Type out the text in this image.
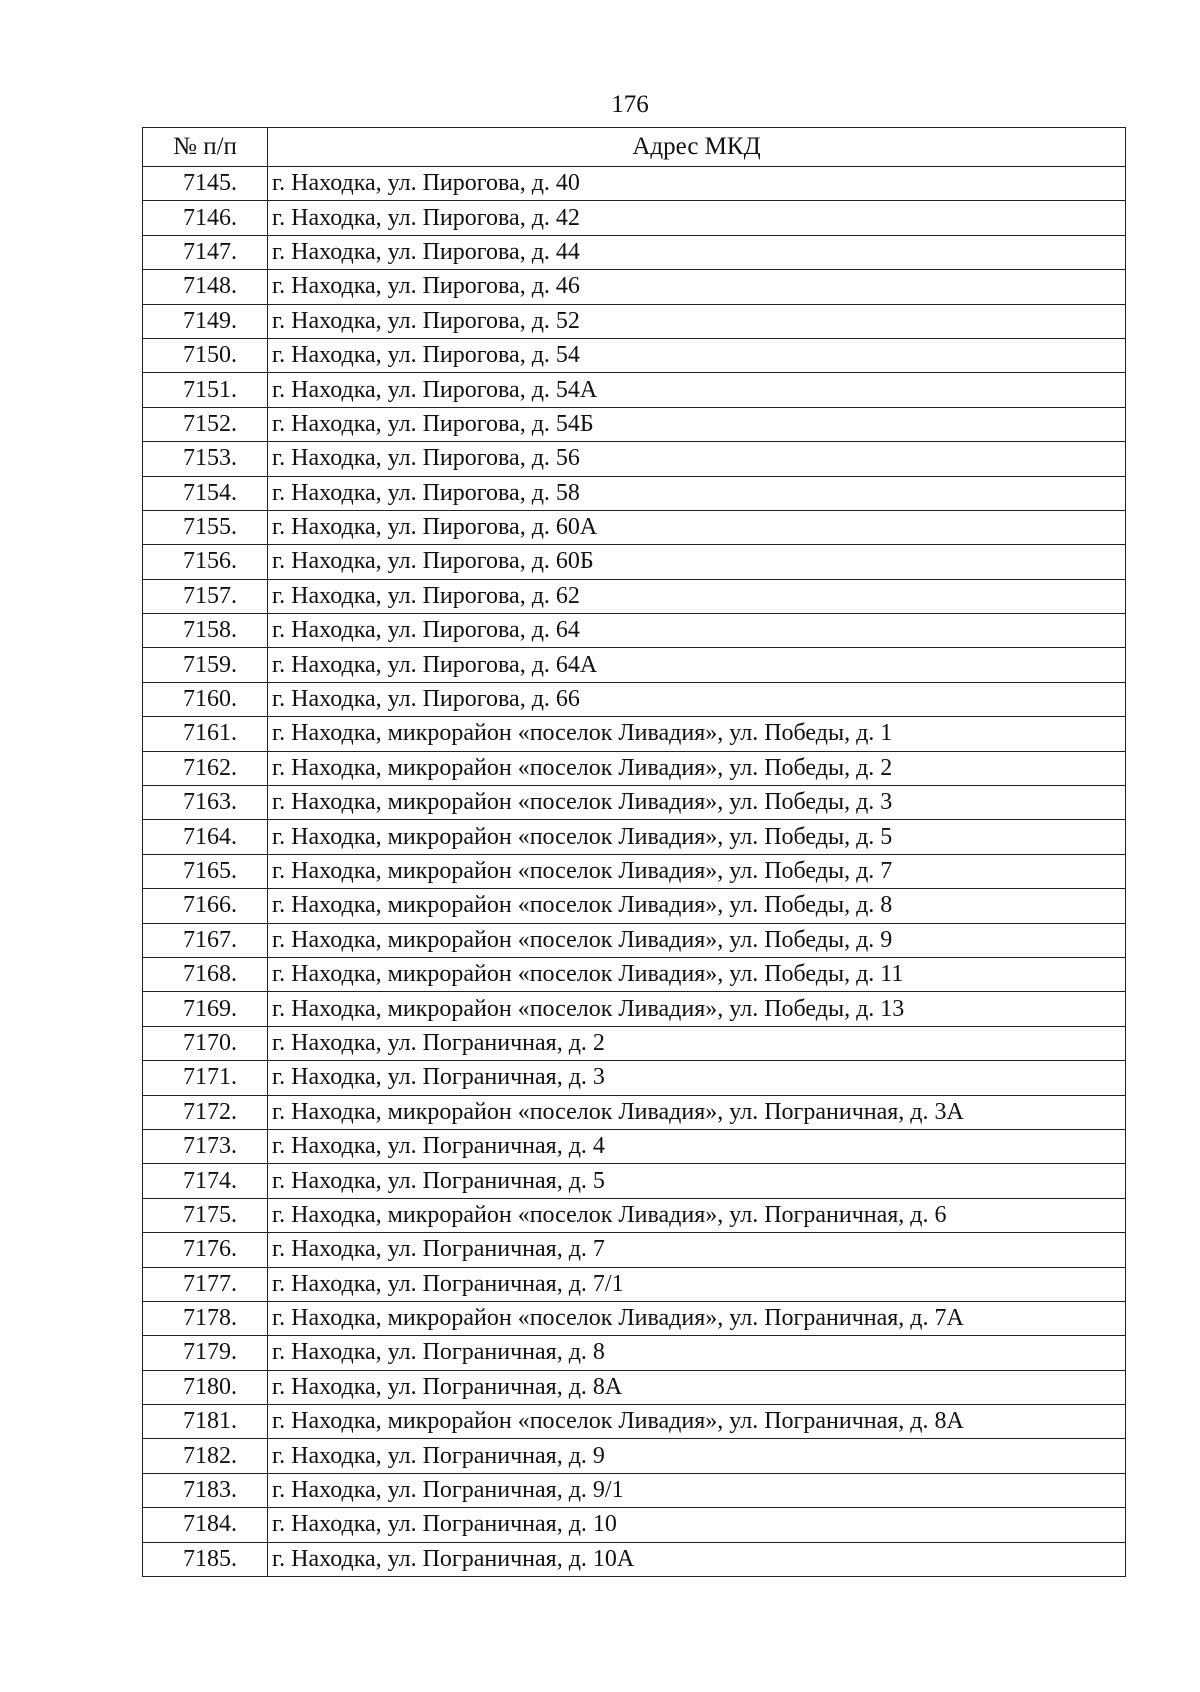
176
№ п/п	Адрес МКД
7145.	г. Находка, ул. Пирогова, д. 40
7146.	г. Находка, ул. Пирогова, д. 42
7147.	г. Находка, ул. Пирогова, д. 44
7148.	г. Находка, ул. Пирогова, д. 46
7149.	г. Находка, ул. Пирогова, д. 52
7150.	г. Находка, ул. Пирогова, д. 54
7151.	г. Находка, ул. Пирогова, д. 54А
7152.	г. Находка, ул. Пирогова, д. 54Б
7153.	г. Находка, ул. Пирогова, д. 56
7154.	г. Находка, ул. Пирогова, д. 58
7155.	г. Находка, ул. Пирогова, д. 60А
7156.	г. Находка, ул. Пирогова, д. 60Б
7157.	г. Находка, ул. Пирогова, д. 62
7158.	г. Находка, ул. Пирогова, д. 64
7159.	г. Находка, ул. Пирогова, д. 64А
7160.	г. Находка, ул. Пирогова, д. 66
7161.	г. Находка, микрорайон «поселок Ливадия», ул. Победы, д. 1
7162.	г. Находка, микрорайон «поселок Ливадия», ул. Победы, д. 2
7163.	г. Находка, микрорайон «поселок Ливадия», ул. Победы, д. 3
7164.	г. Находка, микрорайон «поселок Ливадия», ул. Победы, д. 5
7165.	г. Находка, микрорайон «поселок Ливадия», ул. Победы, д. 7
7166.	г. Находка, микрорайон «поселок Ливадия», ул. Победы, д. 8
7167.	г. Находка, микрорайон «поселок Ливадия», ул. Победы, д. 9
7168.	г. Находка, микрорайон «поселок Ливадия», ул. Победы, д. 11
7169.	г. Находка, микрорайон «поселок Ливадия», ул. Победы, д. 13
7170.	г. Находка, ул. Пограничная, д. 2
7171.	г. Находка, ул. Пограничная, д. 3
7172.	г. Находка, микрорайон «поселок Ливадия», ул. Пограничная, д. 3А
7173.	г. Находка, ул. Пограничная, д. 4
7174.	г. Находка, ул. Пограничная, д. 5
7175.	г. Находка, микрорайон «поселок Ливадия», ул. Пограничная, д. 6
7176.	г. Находка, ул. Пограничная, д. 7
7177.	г. Находка, ул. Пограничная, д. 7/1
7178.	г. Находка, микрорайон «поселок Ливадия», ул. Пограничная, д. 7А
7179.	г. Находка, ул. Пограничная, д. 8
7180.	г. Находка, ул. Пограничная, д. 8А
7181.	г. Находка, микрорайон «поселок Ливадия», ул. Пограничная, д. 8А
7182.	г. Находка, ул. Пограничная, д. 9
7183.	г. Находка, ул. Пограничная, д. 9/1
7184.	г. Находка, ул. Пограничная, д. 10
7185.	г. Находка, ул. Пограничная, д. 10А
